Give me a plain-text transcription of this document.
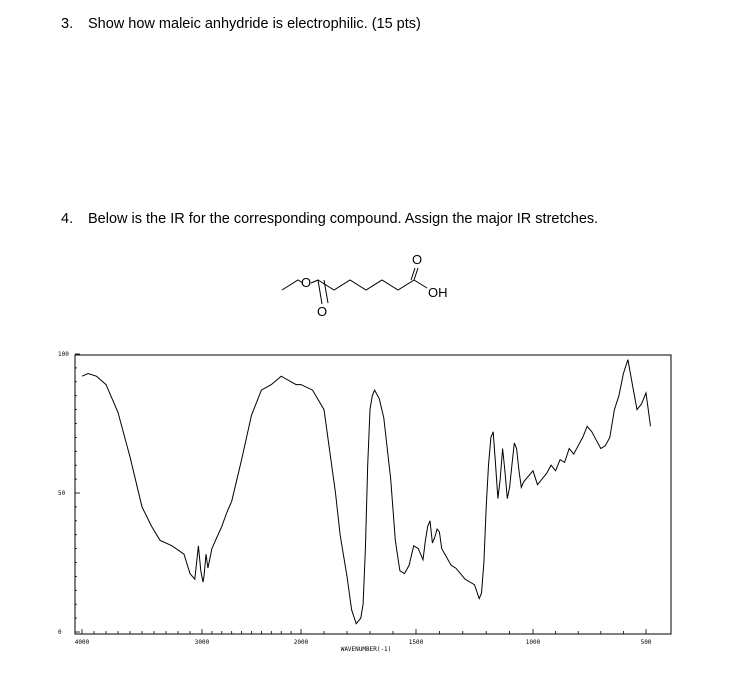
3. Show how maleic anhydride is electrophilic. (15 pts)
4. Below is the IR for the corresponding compound. Assign the major IR stretches.
O
O
O
OH
4000	3000	2000	1500	1000	500
100
50
0
WAVENUMBER(-1)
